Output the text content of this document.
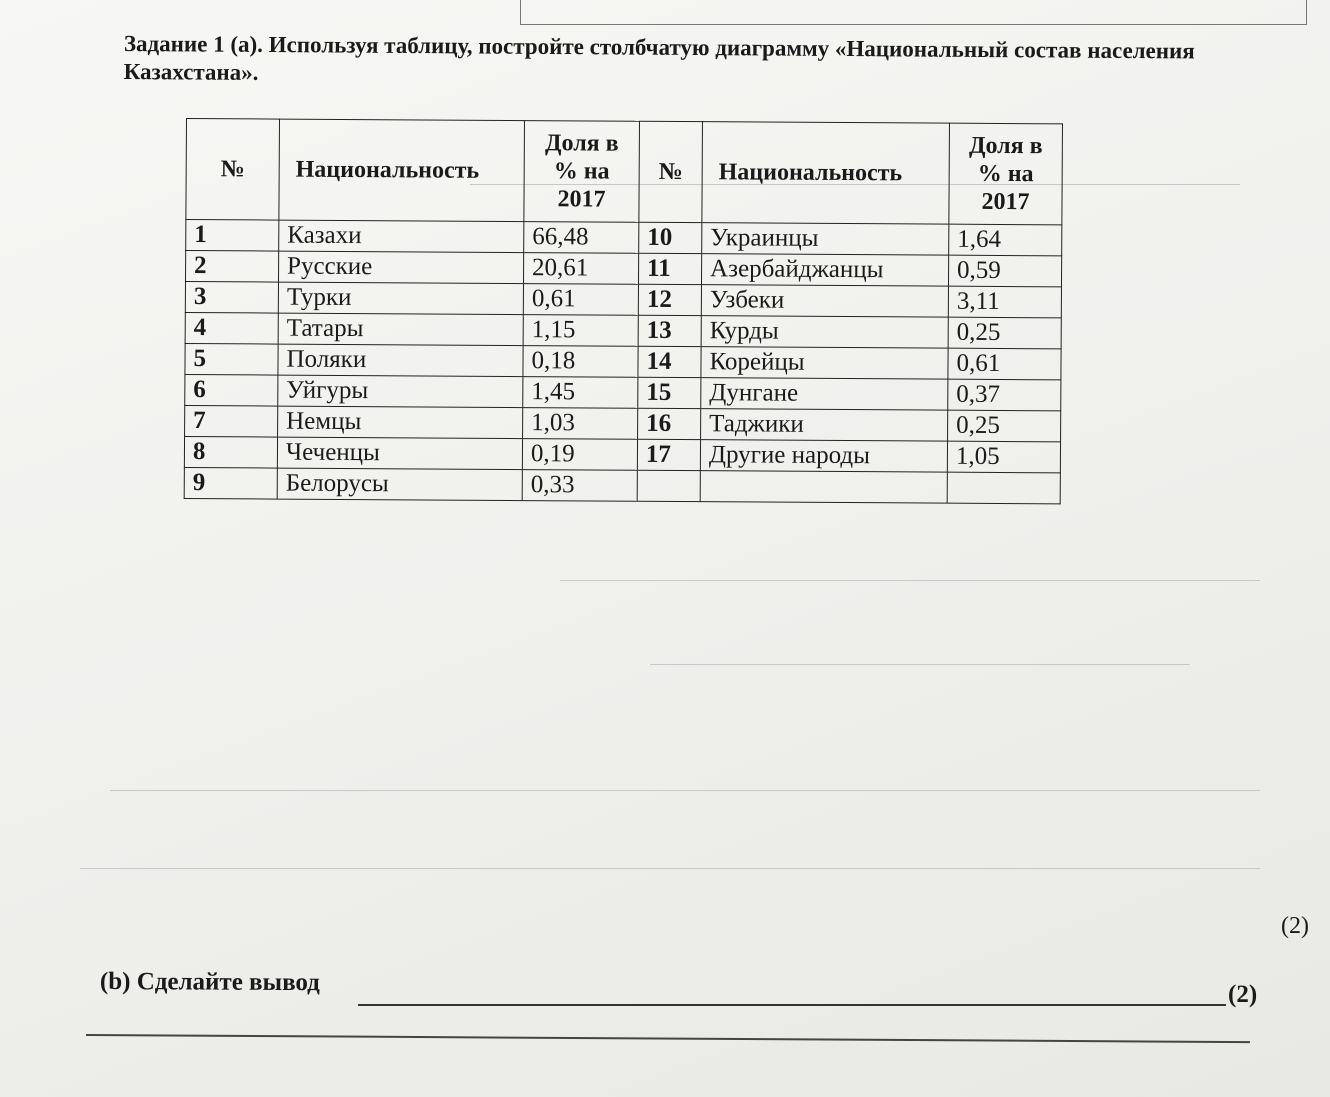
Задание 1 (а). Используя таблицу, постройте столбчатую диаграмму «Национальный состав населения Казахстана».
№	Национальность	Доля в % на 2017	№	Национальность	Доля в % на 2017
1	Казахи	66,48	10	Украинцы	1,64
2	Русские	20,61	11	Азербайджанцы	0,59
3	Турки	0,61	12	Узбеки	3,11
4	Татары	1,15	13	Курды	0,25
5	Поляки	0,18	14	Корейцы	0,61
6	Уйгуры	1,45	15	Дунгане	0,37
7	Немцы	1,03	16	Таджики	0,25
8	Чеченцы	0,19	17	Другие народы	1,05
9	Белорусы	0,33			
(2)
(b) Сделайте вывод	(2)
